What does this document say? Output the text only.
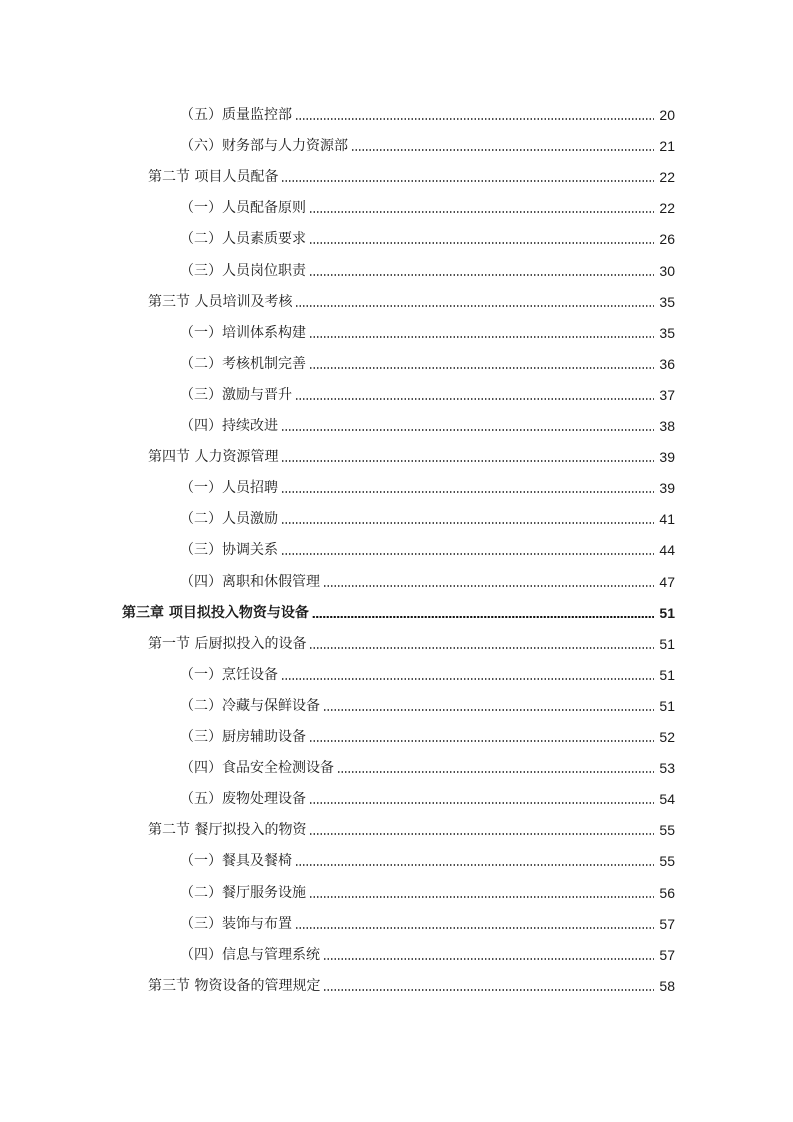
（五）质量监控部	20
（六）财务部与人力资源部	21
第二节 项目人员配备	22
（一）人员配备原则	22
（二）人员素质要求	26
（三）人员岗位职责	30
第三节 人员培训及考核	35
（一）培训体系构建	35
（二）考核机制完善	36
（三）激励与晋升	37
（四）持续改进	38
第四节 人力资源管理	39
（一）人员招聘	39
（二）人员激励	41
（三）协调关系	44
（四）离职和休假管理	47
第三章 项目拟投入物资与设备	51
第一节 后厨拟投入的设备	51
（一）烹饪设备	51
（二）冷藏与保鲜设备	51
（三）厨房辅助设备	52
（四）食品安全检测设备	53
（五）废物处理设备	54
第二节 餐厅拟投入的物资	55
（一）餐具及餐椅	55
（二）餐厅服务设施	56
（三）装饰与布置	57
（四）信息与管理系统	57
第三节 物资设备的管理规定	58
